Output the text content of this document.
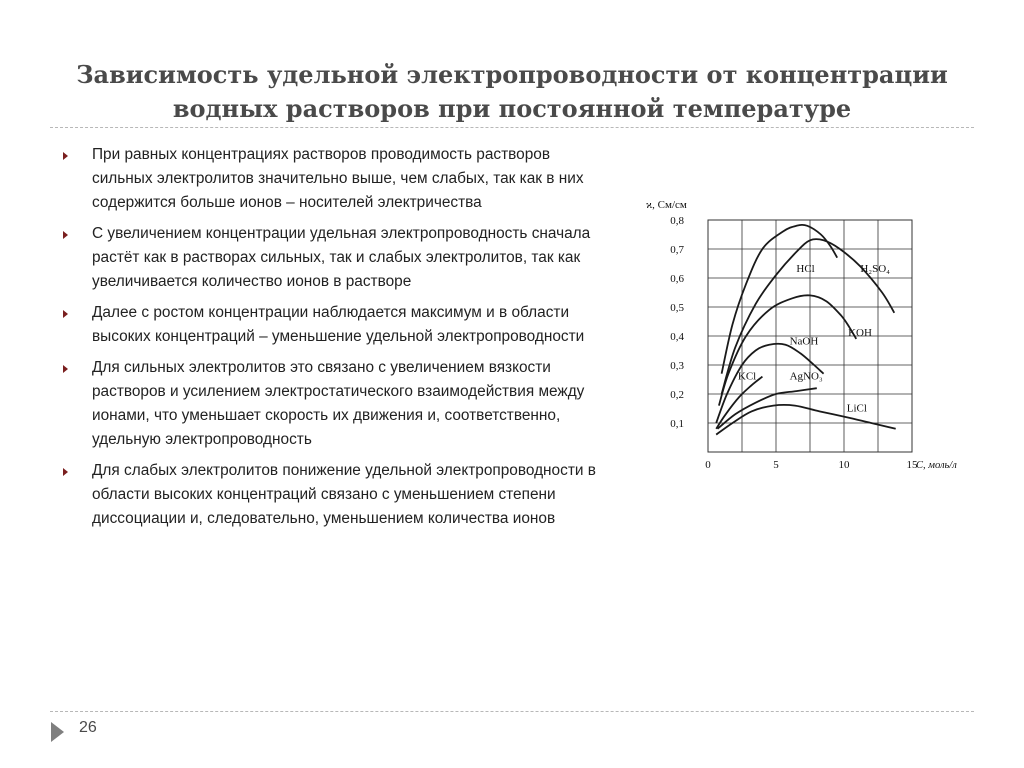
Зависимость удельной электропроводности от концентрации водных растворов при постоянной температуре
При равных концентрациях растворов проводимость растворов сильных электролитов значительно выше, чем слабых, так как в них содержится больше ионов – носителей электричества
С увеличением концентрации удельная электропроводность сначала растёт как в растворах сильных, так и слабых электролитов, так как увеличивается количество ионов в растворе
Далее с ростом концентрации наблюдается максимум и в области высоких концентраций – уменьшение удельной электропроводности
Для сильных электролитов это связано с увеличением вязкости растворов и усилением электростатического взаимодействия между ионами, что уменьшает скорость их движения и, соответственно, удельную электропроводность
Для слабых электролитов понижение удельной электропроводности в области высоких концентраций связано с уменьшением степени диссоциации и, следовательно, уменьшением количества ионов
0,1
0,2
0,3
0,4
0,5
0,6
0,7
0,8
0	5	10	15
ϰ, См/см
C, моль/л
HCl	H₂SO₄
KOH
NaOH
KCl	AgNO₃
LiCl
26
